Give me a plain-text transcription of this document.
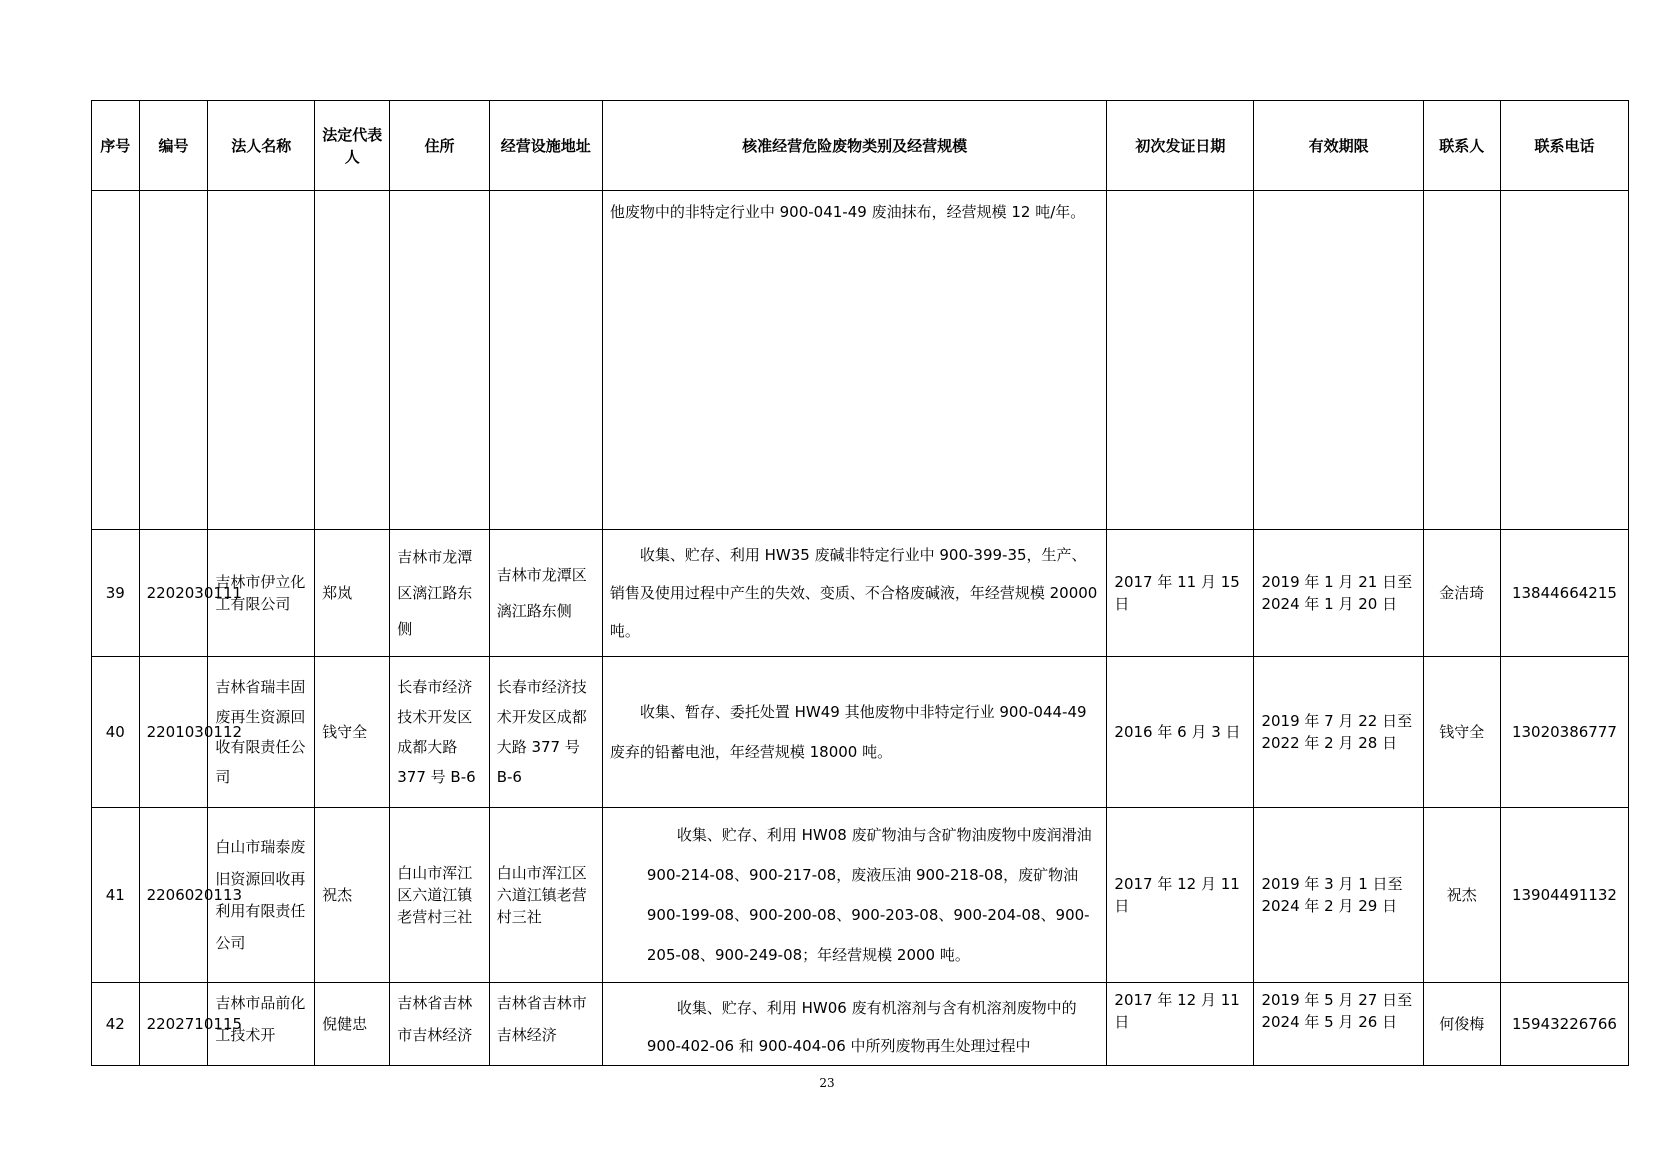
序号	编号	法人名称	法定代表人	住所	经营设施地址	核准经营危险废物类别及经营规模	初次发证日期	有效期限	联系人	联系电话
						他废物中的非特定行业中 900-041-49 废油抹布，经营规模 12 吨/年。				
39	2202030111	吉林市伊立化工有限公司	郑岚	吉林市龙潭区漓江路东侧	吉林市龙潭区漓江路东侧	收集、贮存、利用 HW35 废碱非特定行业中 900-399-35，生产、销售及使用过程中产生的失效、变质、不合格废碱液，年经营规模 20000 吨。	2017 年 11 月 15 日	2019 年 1 月 21 日至 2024 年 1 月 20 日	金洁琦	13844664215
40	2201030112	吉林省瑞丰固废再生资源回收有限责任公司	钱守全	长春市经济技术开发区成都大路 377 号 B-6	长春市经济技术开发区成都大路 377 号 B-6	收集、暂存、委托处置 HW49 其他废物中非特定行业 900-044-49 废弃的铅蓄电池，年经营规模 18000 吨。	2016 年 6 月 3 日	2019 年 7 月 22 日至 2022 年 2 月 28 日	钱守全	13020386777
41	2206020113	白山市瑞泰废旧资源回收再利用有限责任公司	祝杰	白山市浑江区六道江镇老营村三社	白山市浑江区六道江镇老营村三社	收集、贮存、利用 HW08 废矿物油与含矿物油废物中废润滑油 900-214-08、900-217-08，废液压油 900-218-08，废矿物油 900-199-08、900-200-08、900-203-08、900-204-08、900-205-08、900-249-08；年经营规模 2000 吨。	2017 年 12 月 11 日	2019 年 3 月 1 日至 2024 年 2 月 29 日	祝杰	13904491132
42	2202710115	吉林市品前化工技术开	倪健忠	吉林省吉林市吉林经济	吉林省吉林市吉林经济	收集、贮存、利用 HW06 废有机溶剂与含有机溶剂废物中的 900-402-06 和 900-404-06 中所列废物再生处理过程中	2017 年 12 月 11 日	2019 年 5 月 27 日至 2024 年 5 月 26 日	何俊梅	15943226766
23
